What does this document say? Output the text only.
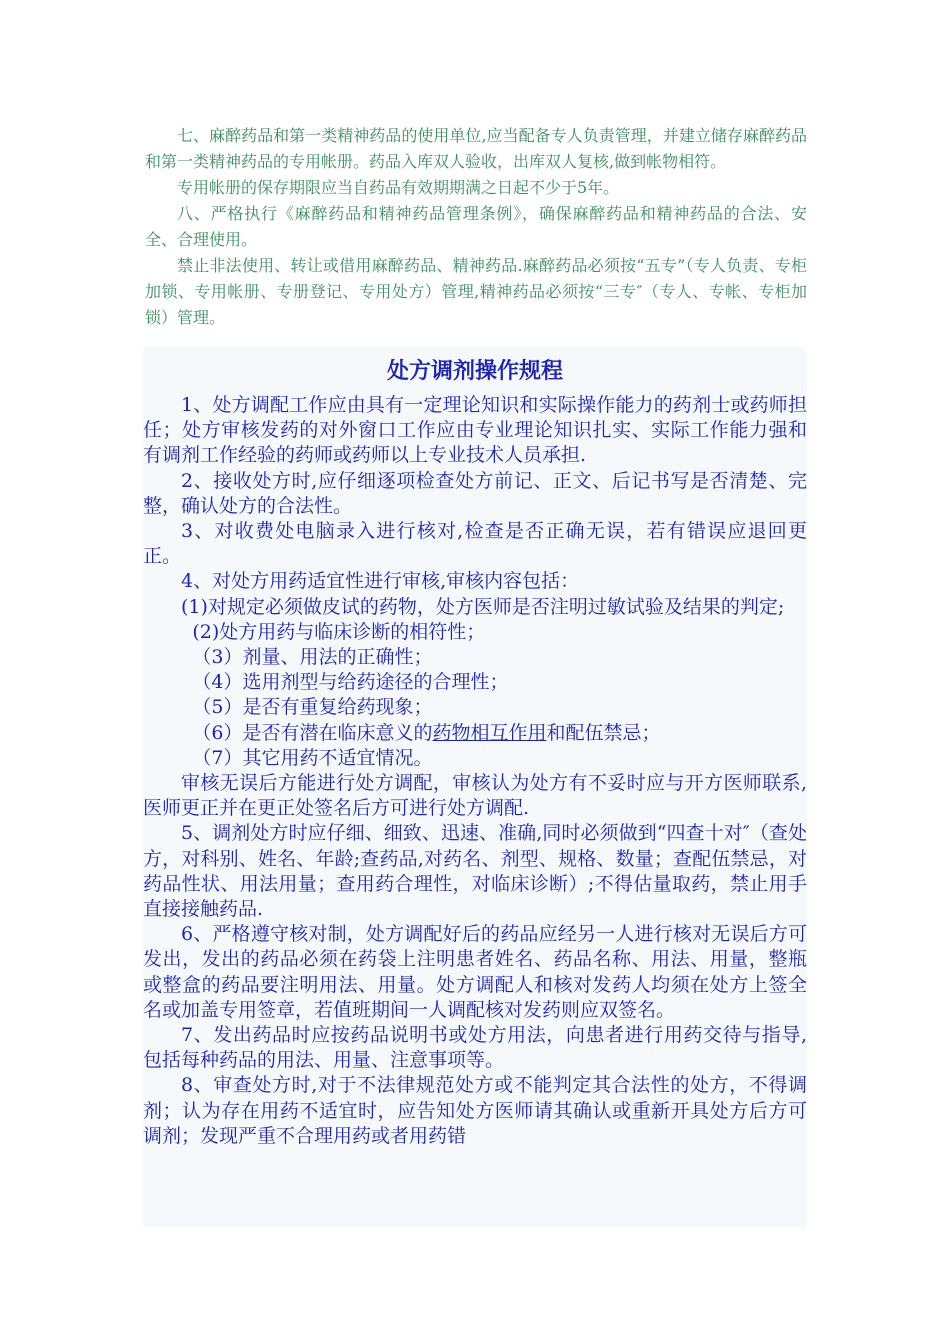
七、麻醉药品和第一类精神药品的使用单位,应当配备专人负责管理，并建立储存麻醉药品和第一类精神药品的专用帐册。药品入库双人验收，出库双人复核,做到帐物相符。

专用帐册的保存期限应当自药品有效期期满之日起不少于5年。

八、严格执行《麻醉药品和精神药品管理条例》，确保麻醉药品和精神药品的合法、安全、合理使用。

禁止非法使用、转让或借用麻醉药品、精神药品.麻醉药品必须按“五专”（专人负责、专柜加锁、专用帐册、专册登记、专用处方）管理,精神药品必须按“三专″（专人、专帐、专柜加锁）管理。

处方调剂操作规程

1、处方调配工作应由具有一定理论知识和实际操作能力的药剂士或药师担任；处方审核发药的对外窗口工作应由专业理论知识扎实、实际工作能力强和有调剂工作经验的药师或药师以上专业技术人员承担.

2、接收处方时,应仔细逐项检查处方前记、正文、后记书写是否清楚、完整，确认处方的合法性。

3、对收费处电脑录入进行核对,检查是否正确无误，若有错误应退回更正。

4、对处方用药适宜性进行审核,审核内容包括：

(1)对规定必须做皮试的药物，处方医师是否注明过敏试验及结果的判定;

(2)处方用药与临床诊断的相符性；

（3）剂量、用法的正确性；

（4）选用剂型与给药途径的合理性；

（5）是否有重复给药现象；

（6）是否有潜在临床意义的药物相互作用和配伍禁忌；

（7）其它用药不适宜情况。

审核无误后方能进行处方调配，审核认为处方有不妥时应与开方医师联系,医师更正并在更正处签名后方可进行处方调配.

5、调剂处方时应仔细、细致、迅速、准确,同时必须做到“四查十对″（查处方，对科别、姓名、年龄;查药品,对药名、剂型、规格、数量；查配伍禁忌，对药品性状、用法用量；查用药合理性，对临床诊断）;不得估量取药，禁止用手直接接触药品.

6、严格遵守核对制，处方调配好后的药品应经另一人进行核对无误后方可发出，发出的药品必须在药袋上注明患者姓名、药品名称、用法、用量，整瓶或整盒的药品要注明用法、用量。处方调配人和核对发药人均须在处方上签全名或加盖专用签章，若值班期间一人调配核对发药则应双签名。

7、发出药品时应按药品说明书或处方用法，向患者进行用药交待与指导,包括每种药品的用法、用量、注意事项等。

8、审查处方时,对于不法律规范处方或不能判定其合法性的处方，不得调剂；认为存在用药不适宜时，应告知处方医师请其确认或重新开具处方后方可调剂；发现严重不合理用药或者用药错
